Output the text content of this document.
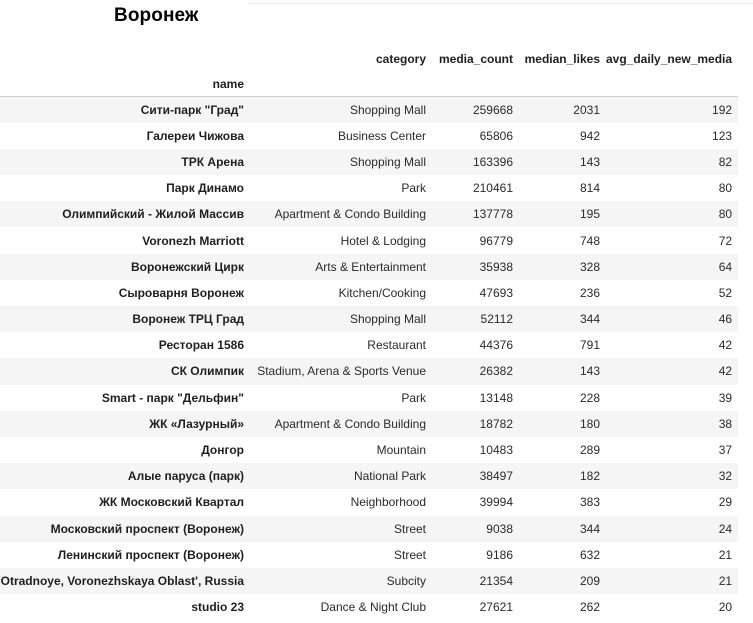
Воронеж
	category	media_count	median_likes	avg_daily_new_media
name				
Сити-парк "Град"	Shopping Mall	259668	2031	192
Галереи Чижова	Business Center	65806	942	123
ТРК Арена	Shopping Mall	163396	143	82
Парк Динамо	Park	210461	814	80
Олимпийский - Жилой Массив	Apartment & Condo Building	137778	195	80
Voronezh Marriott	Hotel & Lodging	96779	748	72
Воронежский Цирк	Arts & Entertainment	35938	328	64
Сыроварня Воронеж	Kitchen/Cooking	47693	236	52
Воронеж ТРЦ Град	Shopping Mall	52112	344	46
Ресторан 1586	Restaurant	44376	791	42
СК Олимпик	Stadium, Arena & Sports Venue	26382	143	42
Smart - парк "Дельфин"	Park	13148	228	39
ЖК «Лазурный»	Apartment & Condo Building	18782	180	38
Донгор	Mountain	10483	289	37
Алые паруса (парк)	National Park	38497	182	32
ЖК Московский Квартал	Neighborhood	39994	383	29
Московский проспект (Воронеж)	Street	9038	344	24
Ленинский проспект (Воронеж)	Street	9186	632	21
Otradnoye, Voronezhskaya Oblast', Russia	Subcity	21354	209	21
studio 23	Dance & Night Club	27621	262	20
